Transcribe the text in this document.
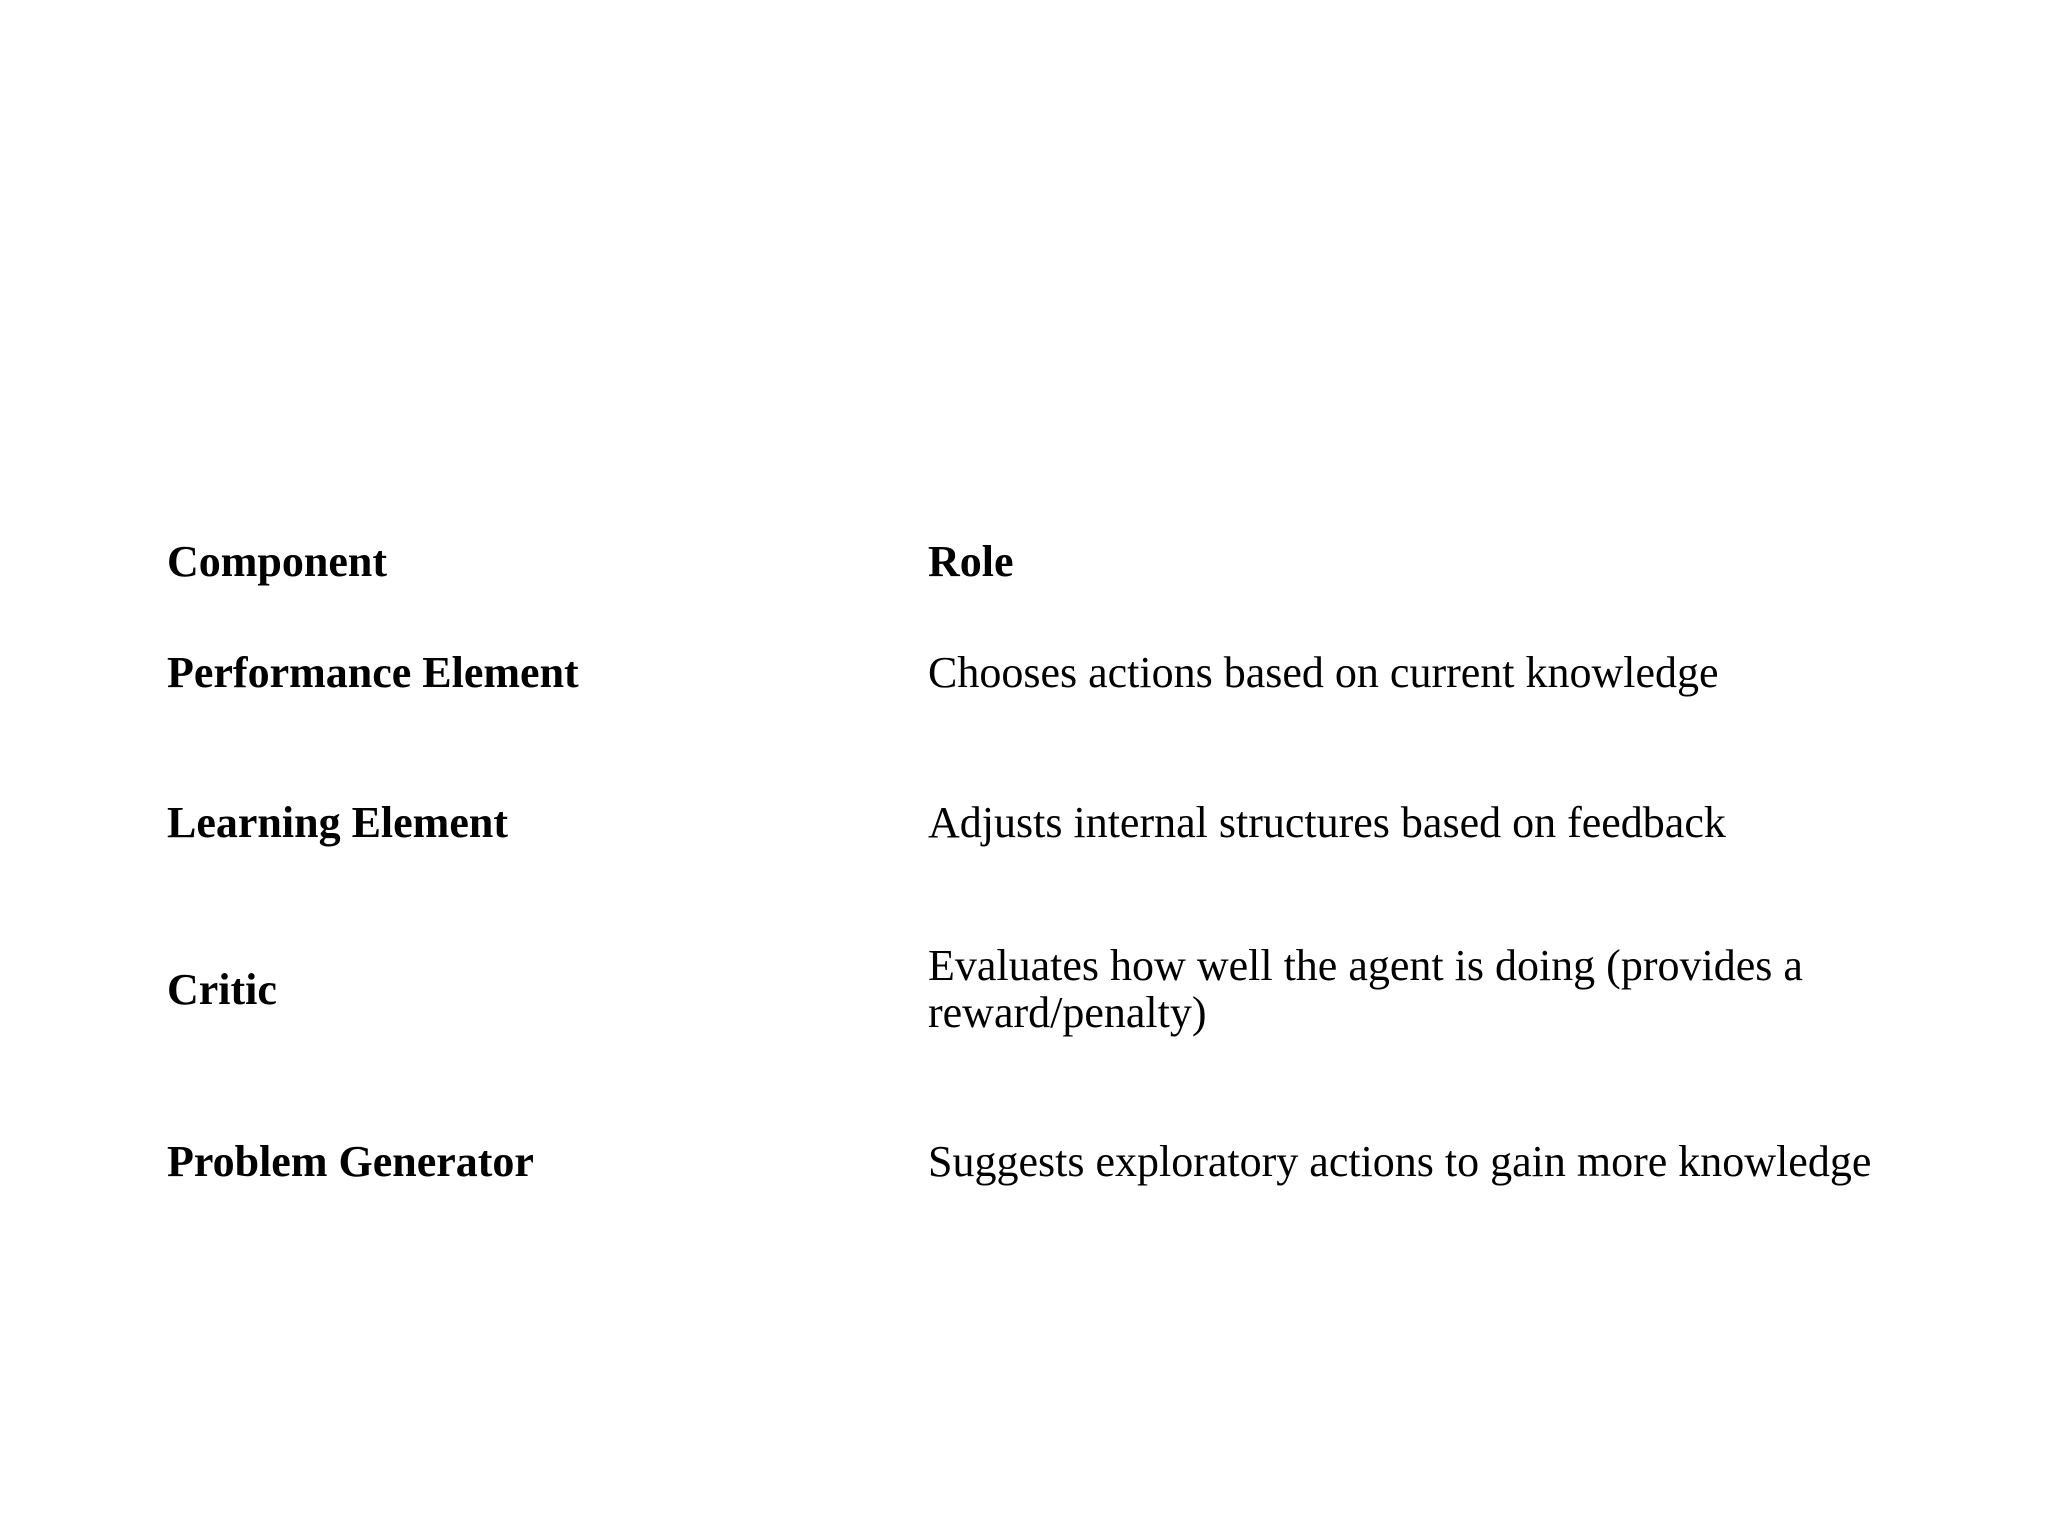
Component	Role
Performance Element	Chooses actions based on current knowledge
Learning Element	Adjusts internal structures based on feedback
Critic	Evaluates how well the agent is doing (provides a reward/penalty)
Problem Generator	Suggests exploratory actions to gain more knowledge
